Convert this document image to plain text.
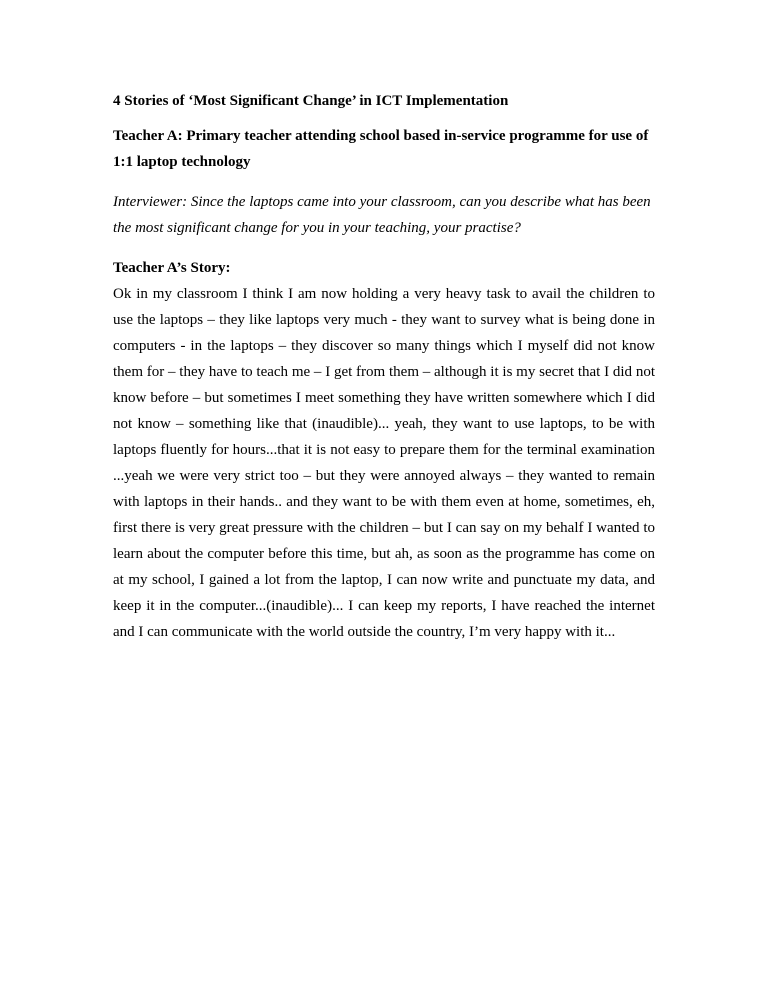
4 Stories of ‘Most Significant Change’ in ICT Implementation

Teacher A: Primary teacher attending school based in-service programme for use of 1:1 laptop technology

Interviewer: Since the laptops came into your classroom, can you describe what has been the most significant change for you in your teaching, your practise?

Teacher A’s Story:

Ok in my classroom I think I am now holding a very heavy task to avail the children to use the laptops – they like laptops very much - they want to survey what is being done in computers - in the laptops – they discover so many things which I myself did not know them for – they have to teach me – I get from them – although it is my secret that I did not know before – but sometimes I meet something they have written somewhere which I did not know – something like that (inaudible)... yeah, they want to use laptops, to be with laptops fluently for hours...that it is not easy to prepare them for the terminal examination ...yeah we were very strict too – but they were annoyed always – they wanted to remain with laptops in their hands.. and they want to be with them even at home, sometimes, eh, first there is very great pressure with the children – but I can say on my behalf I wanted to learn about the computer before this time, but ah, as soon as the programme has come on at my school, I gained a lot from the laptop, I can now write and punctuate my data, and keep it in the computer...(inaudible)... I can keep my reports, I have reached the internet and I can communicate with the world outside the country, I’m very happy with it...
